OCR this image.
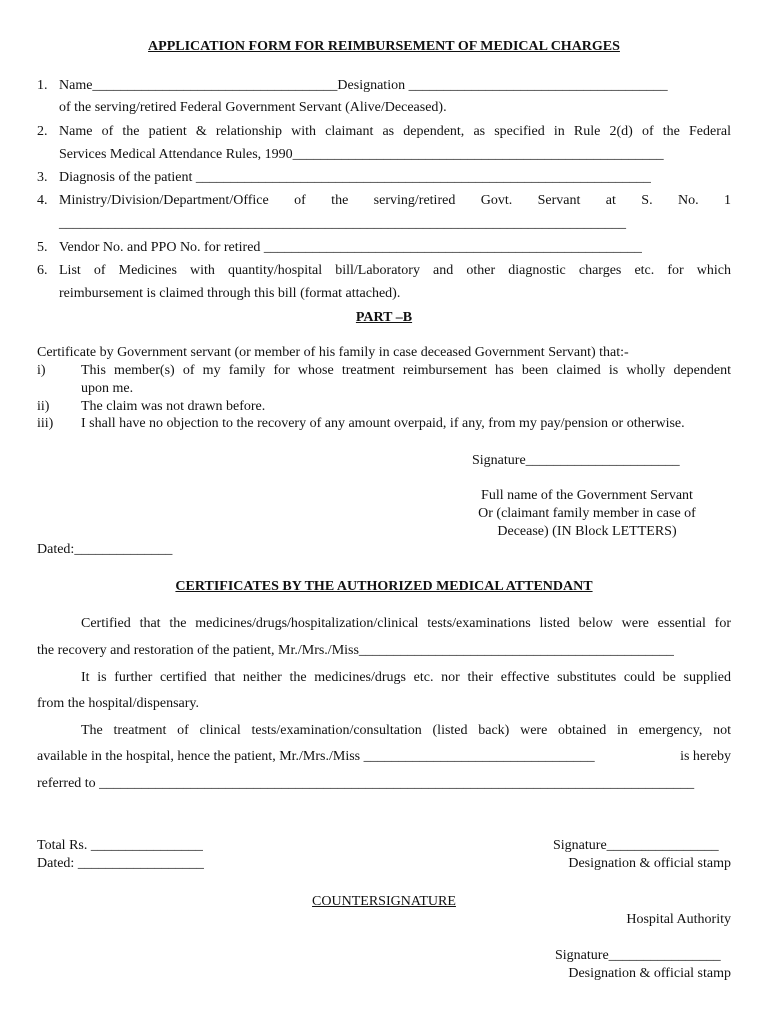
APPLICATION FORM FOR REIMBURSEMENT OF MEDICAL CHARGES
1. Name___________________________________Designation _____________________________________
of the serving/retired Federal Government Servant (Alive/Deceased).
2. Name of the patient & relationship with claimant as dependent, as specified in Rule 2(d) of the Federal
Services Medical Attendance Rules, 1990_____________________________________________________
3. Diagnosis of the patient _________________________________________________________________
4. Ministry/Division/Department/Office of the serving/retired Govt. Servant at S. No. 1
_________________________________________________________________________________
5. Vendor No. and PPO No. for retired ______________________________________________________
6. List of Medicines with quantity/hospital bill/Laboratory and other diagnostic charges etc. for which
reimbursement is claimed through this bill (format attached).
PART –B
Certificate by Government servant (or member of his family in case deceased Government Servant) that:-
i)	This member(s) of my family for whose treatment reimbursement has been claimed is wholly dependent
upon me.
ii) The claim was not drawn before.
iii) I shall have no objection to the recovery of any amount overpaid, if any, from my pay/pension or otherwise.
Signature______________________
Full name of the Government Servant
Or (claimant family member in case of
Decease) (IN Block LETTERS)
Dated:______________
CERTIFICATES BY THE AUTHORIZED MEDICAL ATTENDANT
Certified that the medicines/drugs/hospitalization/clinical tests/examinations listed below were essential for
the recovery and restoration of the patient, Mr./Mrs./Miss_____________________________________________
It is further certified that neither the medicines/drugs etc. nor their effective substitutes could be supplied
from the hospital/dispensary.
The treatment of clinical tests/examination/consultation (listed back) were obtained in emergency, not
available in the hospital, hence the patient, Mr./Mrs./Miss _________________________________	is hereby
referred to _____________________________________________________________________________________
Total Rs. ________________
Dated: __________________
Signature________________
Designation & official stamp
COUNTERSIGNATURE
Hospital Authority
Signature________________
Designation & official stamp
